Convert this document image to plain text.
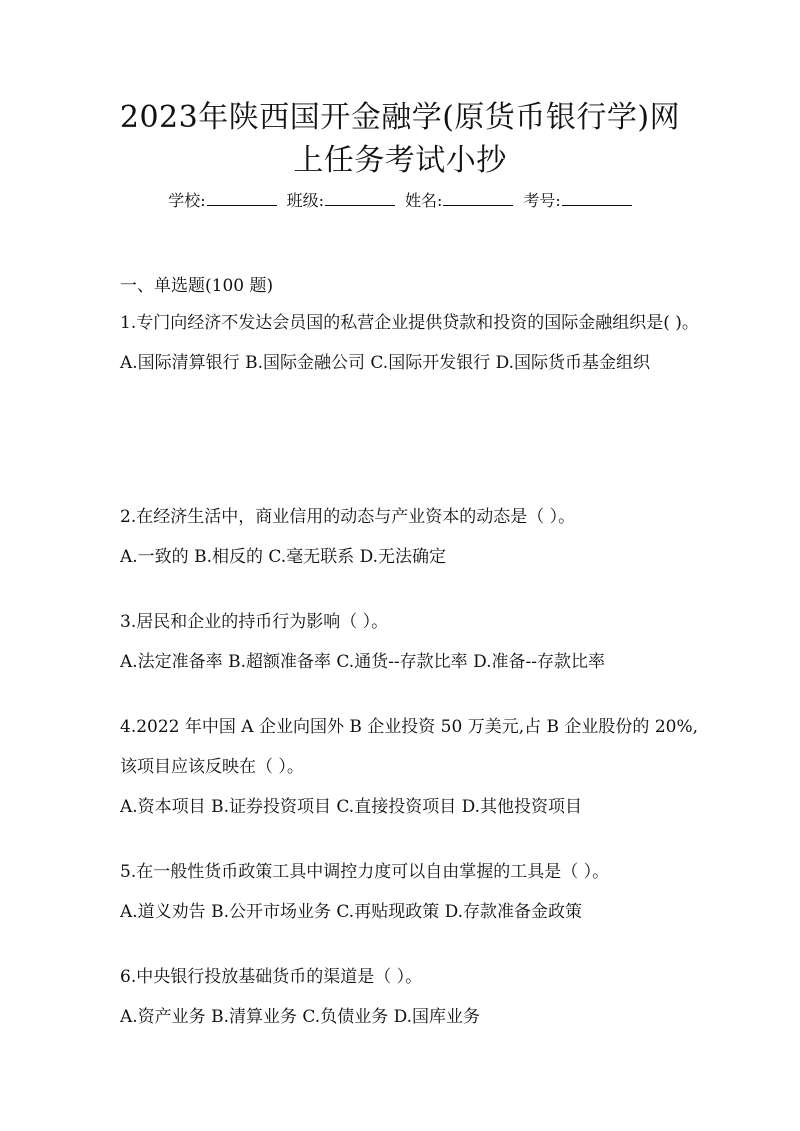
2023年陕西国开金融学(原货币银行学)网
上任务考试小抄
学校:	班级:	姓名:	考号:
一、单选题(100 题)

1.专门向经济不发达会员国的私营企业提供贷款和投资的国际金融组织是( )。

A.国际清算银行 B.国际金融公司 C.国际开发银行 D.国际货币基金组织

2.在经济生活中，商业信用的动态与产业资本的动态是（ ）。

A.一致的 B.相反的 C.毫无联系 D.无法确定

3.居民和企业的持币行为影响（ ）。

A.法定准备率 B.超额准备率 C.通货--存款比率 D.准备--存款比率

4.2022 年中国 A 企业向国外 B 企业投资 50 万美元,占 B 企业股份的 20%,该项目应该反映在（ ）。

A.资本项目 B.证券投资项目 C.直接投资项目 D.其他投资项目

5.在一般性货币政策工具中调控力度可以自由掌握的工具是（ ）。

A.道义劝告 B.公开市场业务 C.再贴现政策 D.存款准备金政策

6.中央银行投放基础货币的渠道是（ ）。

A.资产业务 B.清算业务 C.负债业务 D.国库业务
